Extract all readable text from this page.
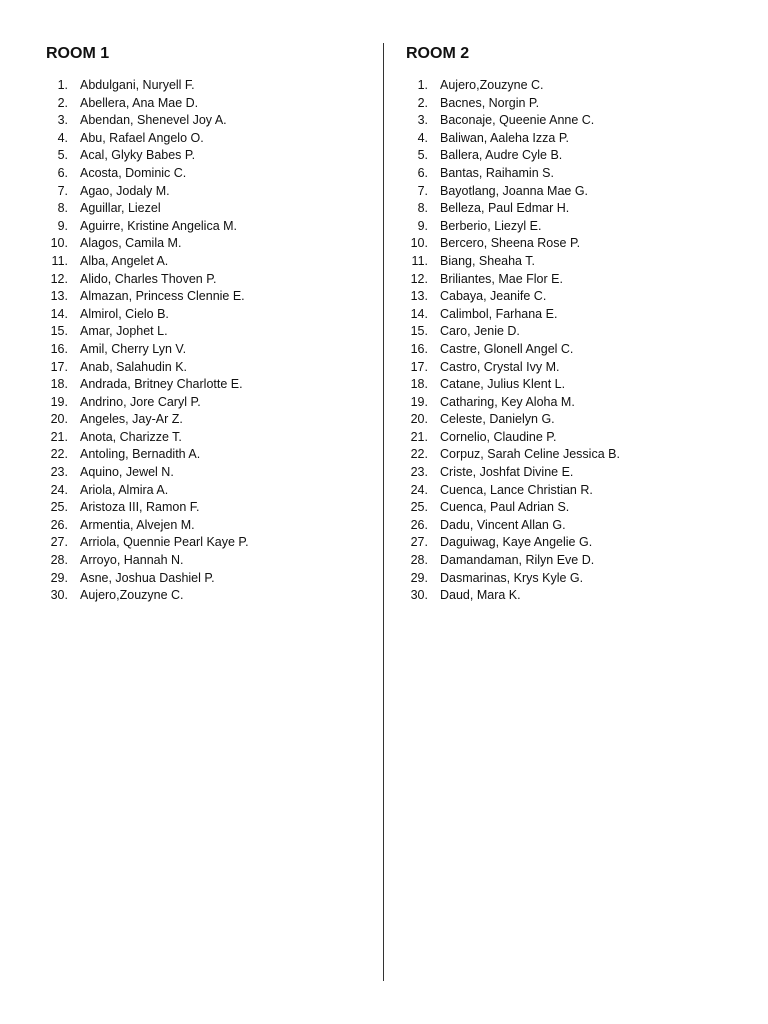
ROOM 1
1. Abdulgani, Nuryell F.
2. Abellera, Ana Mae D.
3. Abendan, Shenevel Joy A.
4. Abu, Rafael Angelo O.
5. Acal, Glyky Babes P.
6. Acosta, Dominic C.
7. Agao, Jodaly M.
8. Aguillar, Liezel
9. Aguirre, Kristine Angelica M.
10. Alagos, Camila M.
11. Alba, Angelet A.
12. Alido, Charles Thoven P.
13. Almazan, Princess Clennie E.
14. Almirol, Cielo B.
15. Amar, Jophet L.
16. Amil, Cherry Lyn V.
17. Anab, Salahudin K.
18. Andrada, Britney Charlotte E.
19. Andrino, Jore Caryl P.
20. Angeles, Jay-Ar Z.
21. Anota, Charizze T.
22. Antoling, Bernadith A.
23. Aquino, Jewel N.
24. Ariola, Almira A.
25. Aristoza III, Ramon F.
26. Armentia, Alvejen M.
27. Arriola, Quennie Pearl Kaye P.
28. Arroyo, Hannah N.
29. Asne, Joshua Dashiel P.
30. Aujero,Zouzyne C.
ROOM 2
1. Aujero,Zouzyne C.
2. Bacnes, Norgin P.
3. Baconaje, Queenie Anne C.
4. Baliwan, Aaleha Izza P.
5. Ballera, Audre Cyle B.
6. Bantas, Raihamin S.
7. Bayotlang, Joanna Mae G.
8. Belleza, Paul Edmar H.
9. Berberio, Liezyl E.
10. Bercero, Sheena Rose P.
11. Biang, Sheaha T.
12. Briliantes, Mae Flor E.
13. Cabaya, Jeanife C.
14. Calimbol, Farhana E.
15. Caro, Jenie D.
16. Castre, Glonell Angel C.
17. Castro, Crystal Ivy M.
18. Catane, Julius Klent L.
19. Catharing, Key Aloha M.
20. Celeste, Danielyn G.
21. Cornelio, Claudine P.
22. Corpuz, Sarah Celine Jessica B.
23. Criste, Joshfat Divine E.
24. Cuenca, Lance Christian R.
25. Cuenca, Paul Adrian S.
26. Dadu, Vincent Allan G.
27. Daguiwag, Kaye Angelie G.
28. Damandaman, Rilyn Eve D.
29. Dasmarinas, Krys Kyle G.
30. Daud, Mara K.
